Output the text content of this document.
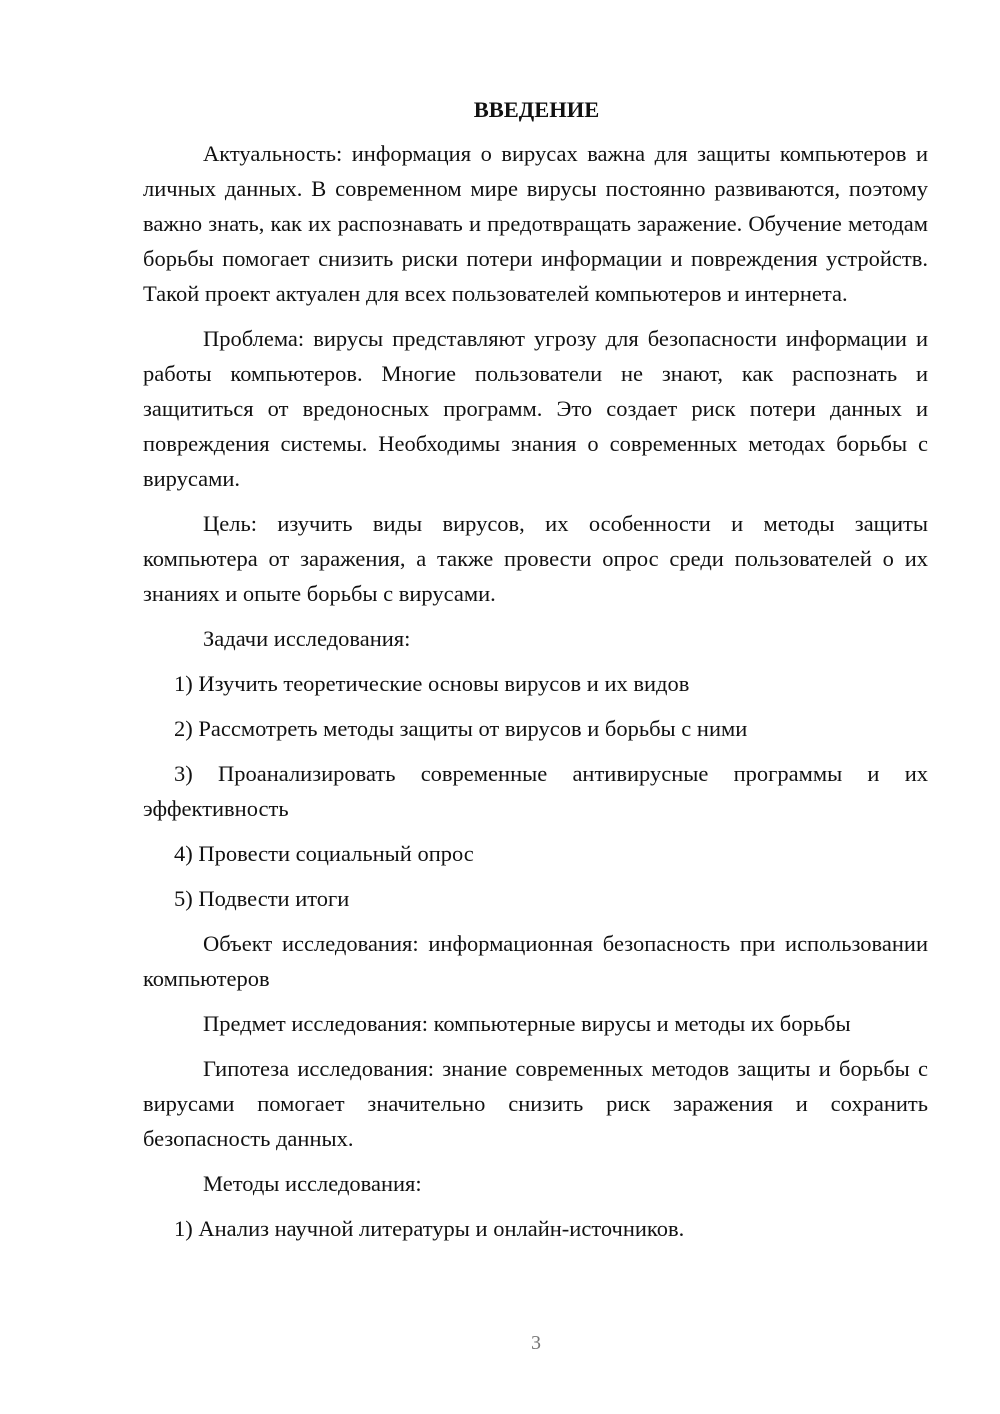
ВВЕДЕНИЕ

Актуальность: информация о вирусах важна для защиты компьютеров и личных данных. В современном мире вирусы постоянно развиваются, поэтому важно знать, как их распознавать и предотвращать заражение. Обучение методам борьбы помогает снизить риски потери информации и повреждения устройств. Такой проект актуален для всех пользователей компьютеров и интернета.

Проблема: вирусы представляют угрозу для безопасности информации и работы компьютеров. Многие пользователи не знают, как распознать и защититься от вредоносных программ. Это создает риск потери данных и повреждения системы. Необходимы знания о современных методах борьбы с вирусами.

Цель: изучить виды вирусов, их особенности и методы защиты компьютера от заражения, а также провести опрос среди пользователей о их знаниях и опыте борьбы с вирусами.

Задачи исследования:

1) Изучить теоретические основы вирусов и их видов

2) Рассмотреть методы защиты от вирусов и борьбы с ними

3) Проанализировать современные антивирусные программы и их эффективность

4) Провести социальный опрос

5) Подвести итоги

Объект исследования: информационная безопасность при использовании компьютеров

Предмет исследования: компьютерные вирусы и методы их борьбы

Гипотеза исследования: знание современных методов защиты и борьбы с вирусами помогает значительно снизить риск заражения и сохранить безопасность данных.

Методы исследования:

1) Анализ научной литературы и онлайн-источников.

3
